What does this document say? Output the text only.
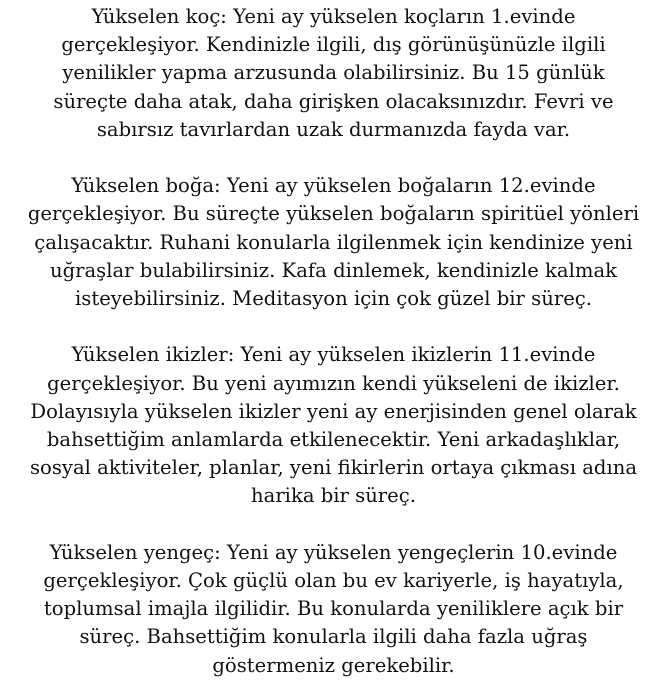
Yükselen koç: Yeni ay yükselen koçların 1.evinde
gerçekleşiyor. Kendinizle ilgili, dış görünüşünüzle ilgili
yenilikler yapma arzusunda olabilirsiniz. Bu 15 günlük
süreçte daha atak, daha girişken olacaksınızdır. Fevri ve
sabırsız tavırlardan uzak durmanızda fayda var.
Yükselen boğa: Yeni ay yükselen boğaların 12.evinde
gerçekleşiyor. Bu süreçte yükselen boğaların spiritüel yönleri
çalışacaktır. Ruhani konularla ilgilenmek için kendinize yeni
uğraşlar bulabilirsiniz. Kafa dinlemek, kendinizle kalmak
isteyebilirsiniz. Meditasyon için çok güzel bir süreç.
Yükselen ikizler: Yeni ay yükselen ikizlerin 11.evinde
gerçekleşiyor. Bu yeni ayımızın kendi yükseleni de ikizler.
Dolayısıyla yükselen ikizler yeni ay enerjisinden genel olarak
bahsettiğim anlamlarda etkilenecektir. Yeni arkadaşlıklar,
sosyal aktiviteler, planlar, yeni fikirlerin ortaya çıkması adına
harika bir süreç.
Yükselen yengeç: Yeni ay yükselen yengeçlerin 10.evinde
gerçekleşiyor. Çok güçlü olan bu ev kariyerle, iş hayatıyla,
toplumsal imajla ilgilidir. Bu konularda yeniliklere açık bir
süreç. Bahsettiğim konularla ilgili daha fazla uğraş
göstermeniz gerekebilir.
